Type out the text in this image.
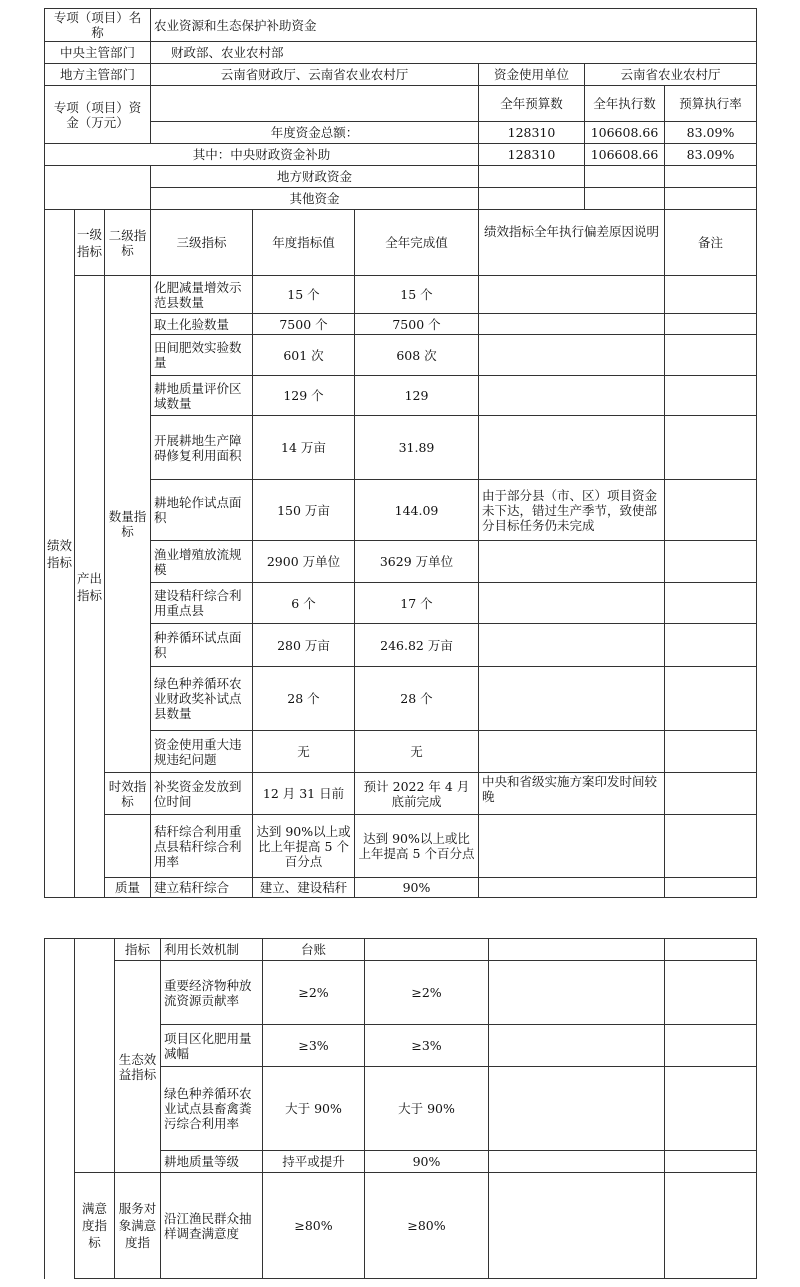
专项（项目）名称			农业资源和生态保护补助资金					
中央主管部门			财政部、农业农村部					
地方主管部门			云南省财政厅、云南省农业农村厅			资金使用单位	云南省农业农村厅	
专项（项目）资金（万元）						全年预算数	全年执行数	预算执行率
			年度资金总额：			128310	106608.66	83.09%
其中：中央财政资金补助						128310	106608.66	83.09%
			地方财政资金					
			其他资金					
绩效指标	一级指标	二级指标	三级指标	年度指标值	全年完成值	绩效指标全年执行偏差原因说明		备注
	产出指标	数量指标	化肥减量增效示范县数量	15 个	15 个			
			取土化验数量	7500 个	7500 个			
			田间肥效实验数量	601 次	608 次			
			耕地质量评价区域数量	129 个	129			
			开展耕地生产障碍修复利用面积	14 万亩	31.89			
			耕地轮作试点面积	150 万亩	144.09	由于部分县（市、区）项目资金未下达，错过生产季节，致使部分目标任务仍未完成		
			渔业增殖放流规模	2900 万单位	3629 万单位			
			建设秸秆综合利用重点县	6 个	17 个			
			种养循环试点面积	280 万亩	246.82 万亩			
			绿色种养循环农业财政奖补试点县数量	28 个	28 个			
			资金使用重大违规违纪问题	无	无			
		时效指标	补奖资金发放到位时间	12 月 31 日前	预计 2022 年 4 月底前完成	中央和省级实施方案印发时间较晚		
			秸秆综合利用重点县秸秆综合利用率	达到 90%以上或比上年提高 5 个百分点	达到 90%以上或比上年提高 5 个百分点			
		质量	建立秸秆综合	建立、建设秸秆	90%			
		指标	利用长效机制	台账			
		生态效益指标	重要经济物种放流资源贡献率	≥2%	≥2%		
			项目区化肥用量减幅	≥3%	≥3%		
			绿色种养循环农业试点县畜禽粪污综合利用率	大于 90%	大于 90%		
			耕地质量等级	持平或提升	90%		
	满意度指标	服务对象满意度指	沿江渔民群众抽样调查满意度	≥80%	≥80%		
